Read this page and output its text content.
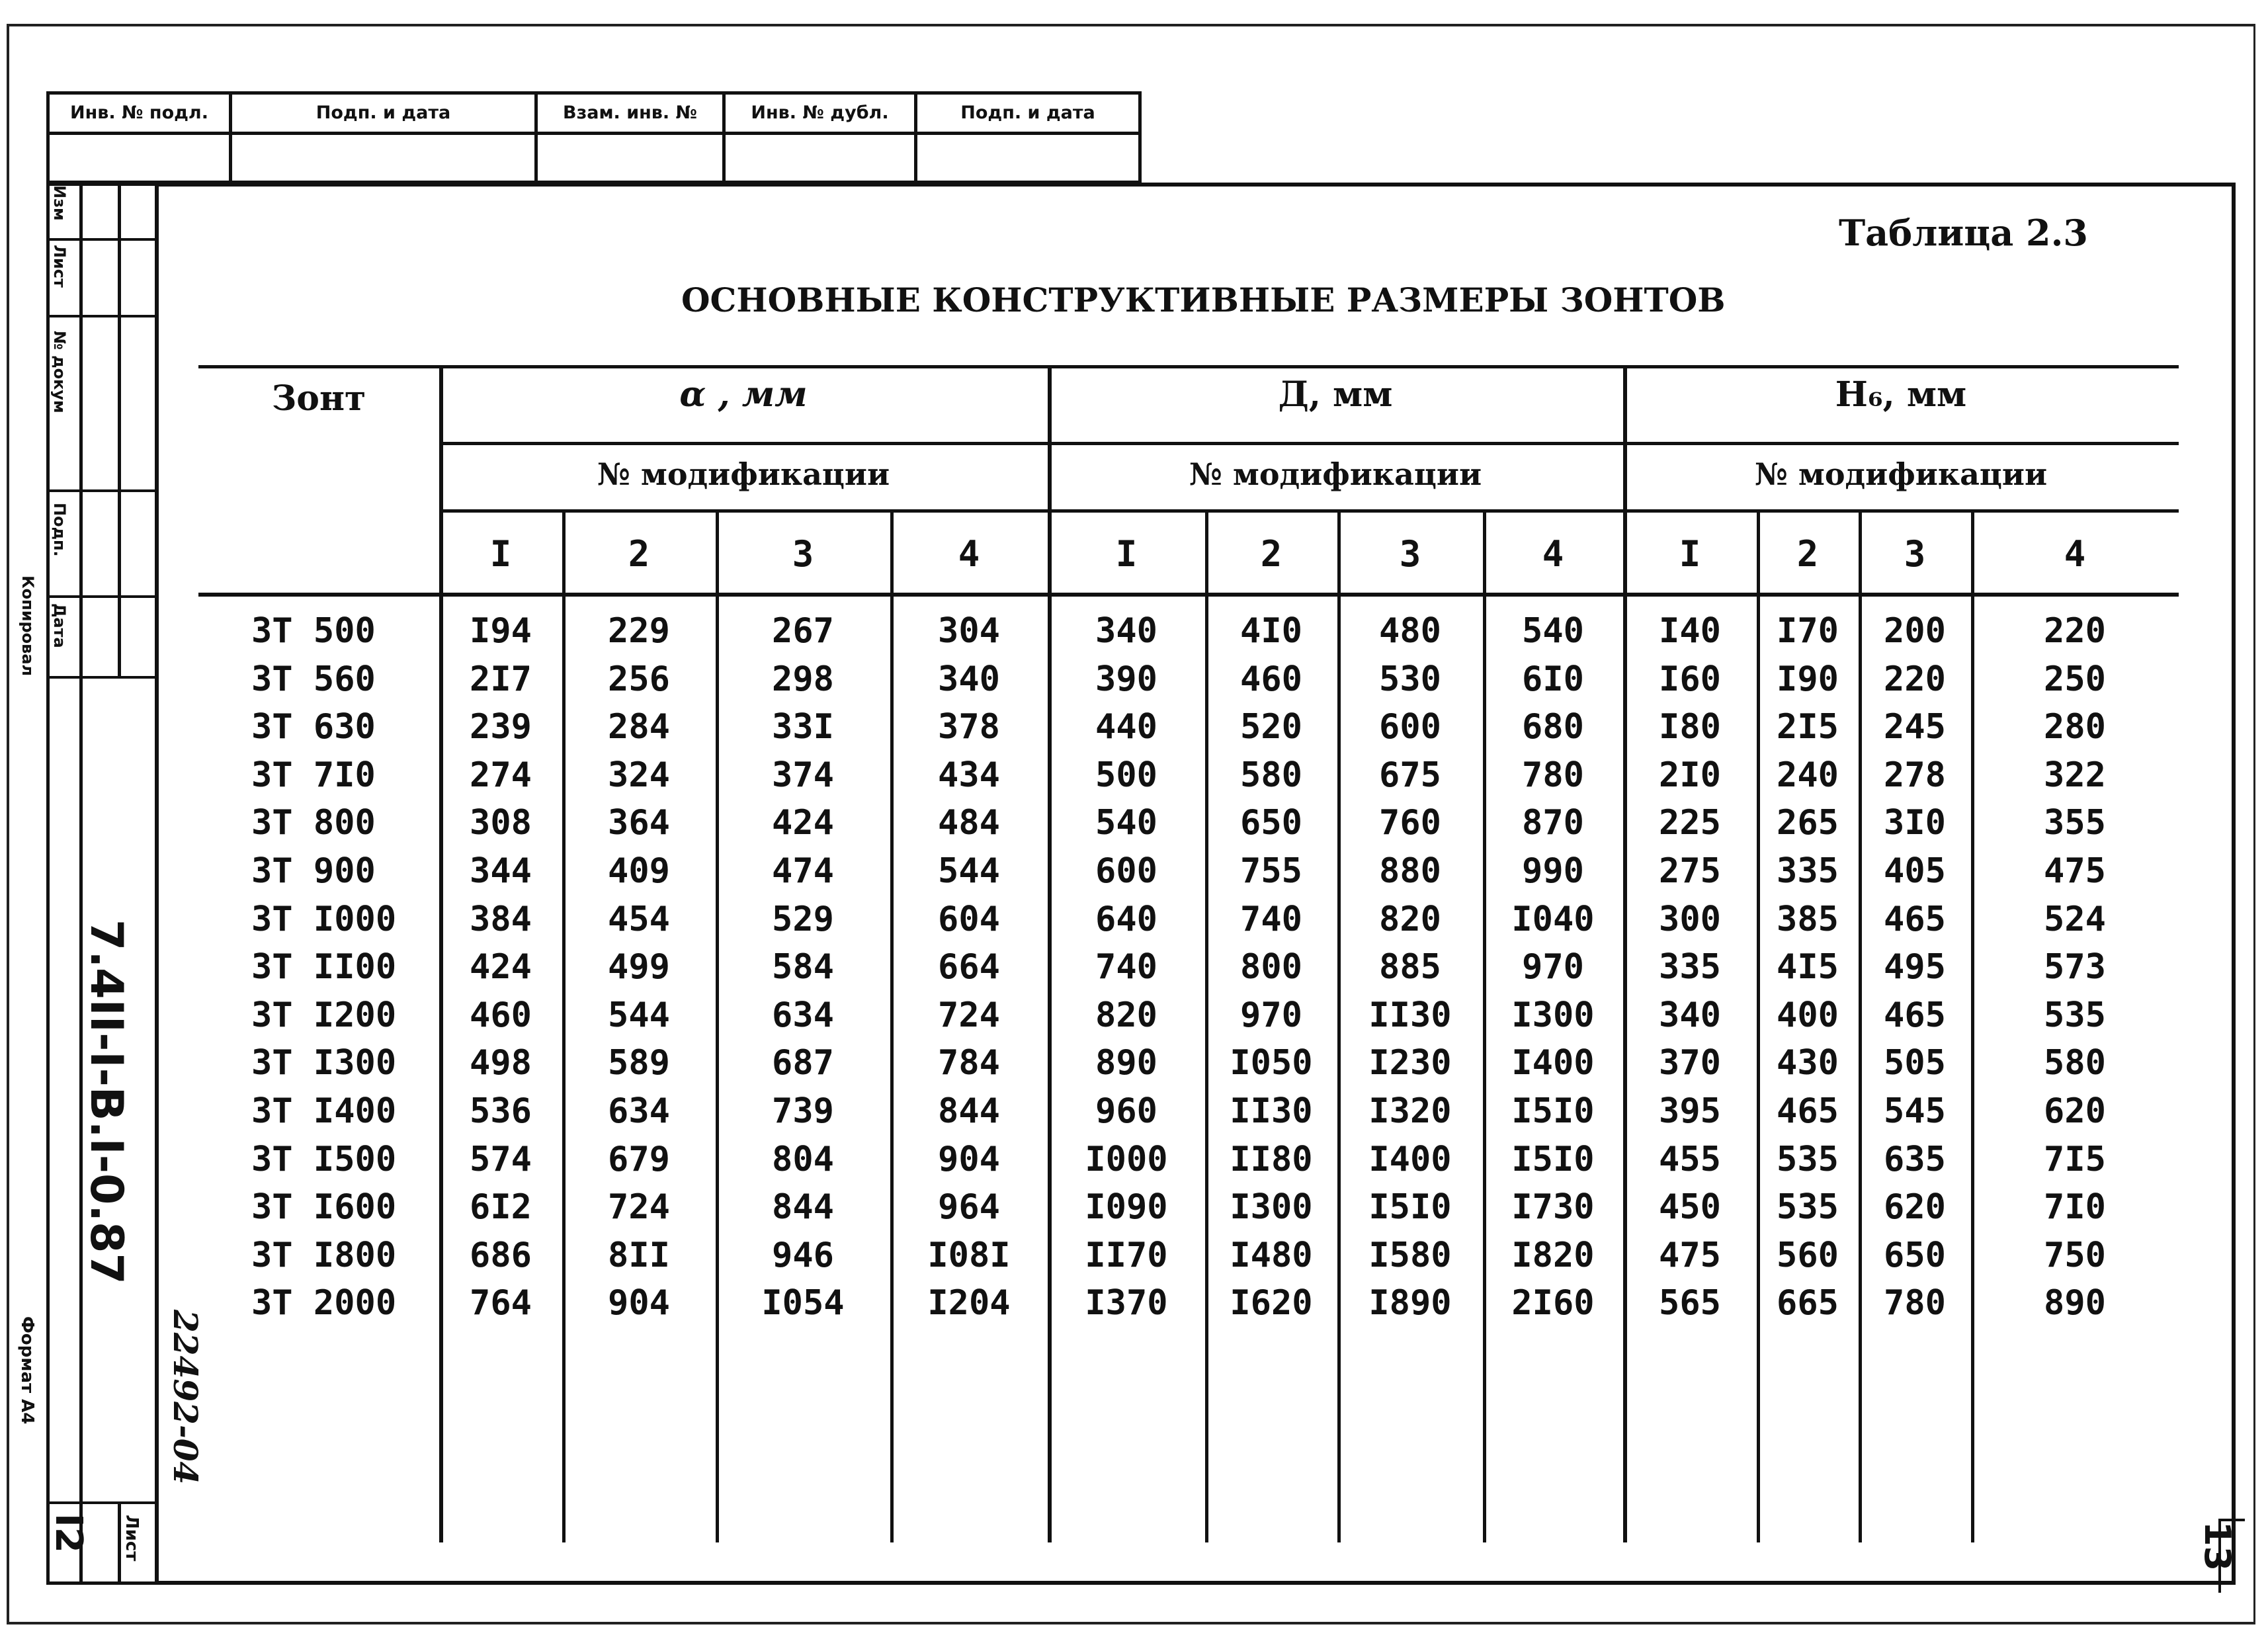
Инв. № подл.	Подп. и дата	Взам. инв. №	Инв. № дубл.	Подп. и дата
Изм
Лист
№ докум
Подп.
Дата
Копировал
Формат А4
7.4II-I-В.I-0.87
I2 Лист
22492-04
13
Таблица 2.3
ОСНОВНЫЕ КОНСТРУКТИВНЫЕ РАЗМЕРЫ ЗОНТОВ
Зонт	α , мм	Д, мм	Н₆, мм
№ модификации	№ модификации	№ модификации
I	2	3	4	I	2	3	4	I	2	3	4
ЗТ 500	I94	229	267	304	340	4I0	480	540	I40	I70	200	220
ЗТ 560	2I7	256	298	340	390	460	530	6I0	I60	I90	220	250
ЗТ 630	239	284	33I	378	440	520	600	680	I80	2I5	245	280
ЗТ 7I0	274	324	374	434	500	580	675	780	2I0	240	278	322
ЗТ 800	308	364	424	484	540	650	760	870	225	265	3I0	355
ЗТ 900	344	409	474	544	600	755	880	990	275	335	405	475
ЗТ I000	384	454	529	604	640	740	820	I040	300	385	465	524
ЗТ II00	424	499	584	664	740	800	885	970	335	4I5	495	573
ЗТ I200	460	544	634	724	820	970	II30	I300	340	400	465	535
ЗТ I300	498	589	687	784	890	I050	I230	I400	370	430	505	580
ЗТ I400	536	634	739	844	960	II30	I320	I5I0	395	465	545	620
ЗТ I500	574	679	804	904	I000	II80	I400	I5I0	455	535	635	7I5
ЗТ I600	6I2	724	844	964	I090	I300	I5I0	I730	450	535	620	7I0
ЗТ I800	686	8II	946	I08I	II70	I480	I580	I820	475	560	650	750
ЗТ 2000	764	904	I054	I204	I370	I620	I890	2I60	565	665	780	890
